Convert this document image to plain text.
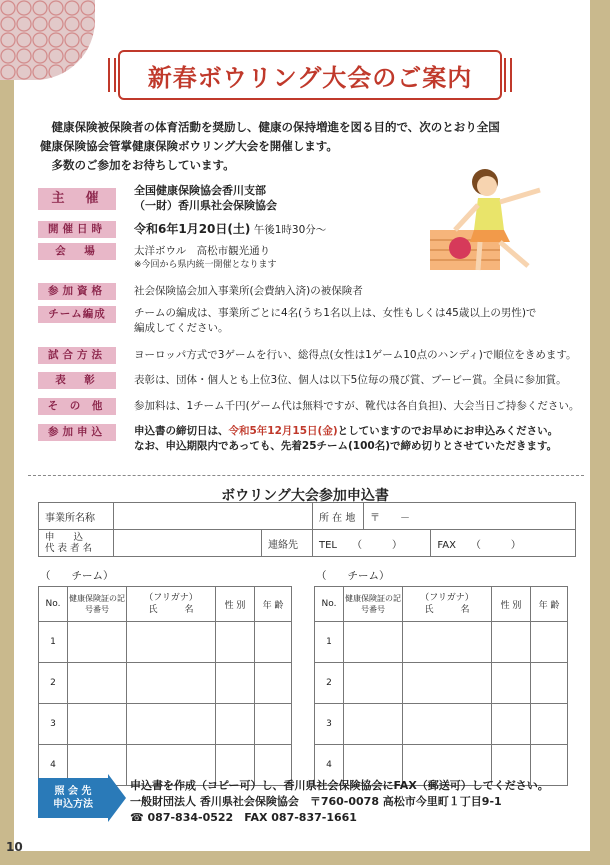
新春ボウリング大会のご案内

健康保険被保険者の体育活動を奨励し、健康の保持増進を図る目的で、次のとおり全国

健康保険協会管掌健康保険ボウリング大会を開催します。

多数のご参加をお待ちしています。

主　催
全国健康保険協会香川支部
（一財）香川県社会保険協会
開催日時	令和6年1月20日(土) 午後1時30分～
会　場	太洋ボウル　高松市観光通り
※今回から県内統一開催となります
参加資格	社会保険協会加入事業所(会費納入済)の被保険者
チーム編成	チームの編成は、事業所ごとに4名(うち1名以上は、女性もしくは45歳以上の男性)で
編成してください。
試合方法	ヨーロッパ方式で3ゲームを行い、総得点(女性は1ゲーム10点のハンディ)で順位をきめます。
表　彰	表彰は、団体・個人とも上位3位、個人は以下5位毎の飛び賞、ブービー賞。全員に参加賞。
そ の 他	参加料は、1チーム千円(ゲーム代は無料ですが、靴代は各自負担)、大会当日ご持参ください。
参加申込	申込書の締切日は、令和5年12月15日(金)としていますのでお早めにお申込みください。
なお、申込期限内であっても、先着25チーム(100名)で締め切りとさせていただきます。
ボウリング大会参加申込書
事業所名称			所 在 地	〒　　－	
申　　込
代 表 者 名		連絡先	TEL　　（　　　）		FAX　　（　　　）
（　　チーム）	（　　チーム）
No.	健康保険証の記号番号	（フリガナ）
氏　　　名	性 別	年 齢
1				
2				
3				
4				
No.	健康保険証の記号番号	（フリガナ）
氏　　　名	性 別	年 齢
1				
2				
3				
4				
照 会 先
申込方法
申込書を作成（コピー可）し、香川県社会保険協会にFAX（郵送可）してください。
一般財団法人 香川県社会保険協会　〒760-0078 高松市今里町１丁目9-1
☎ 087-834-0522　FAX 087-837-1661
10
